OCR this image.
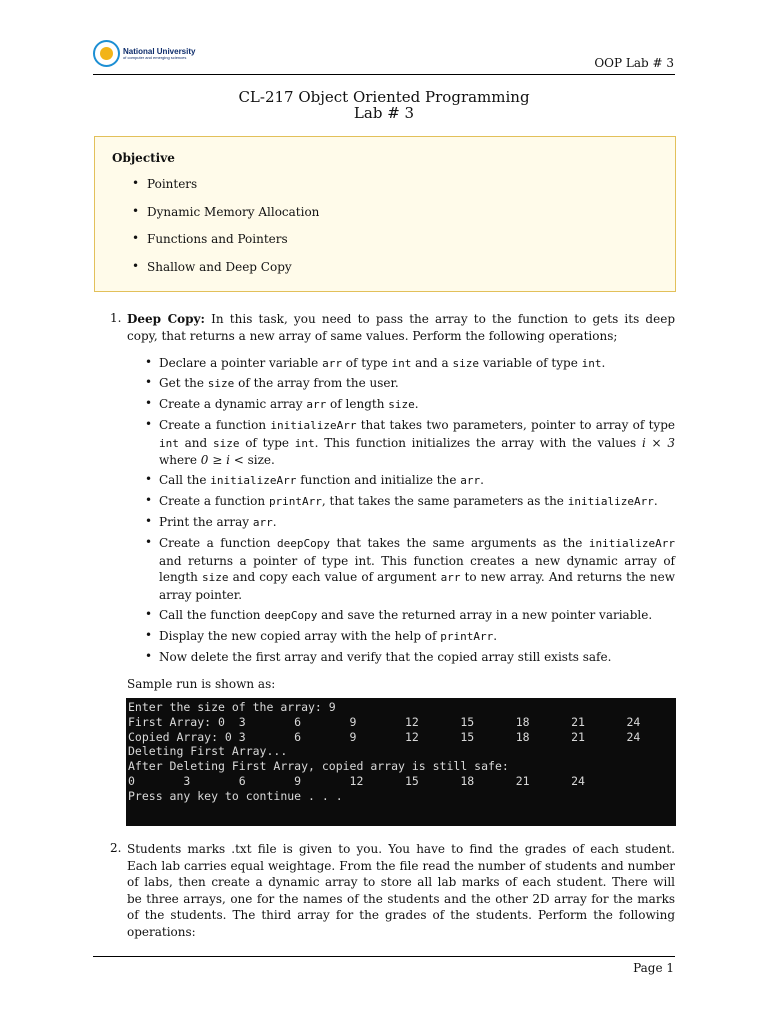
National University
of computer and emerging sciences	OOP Lab # 3
CL-217 Object Oriented Programming
Lab # 3
Objective
• Pointers
• Dynamic Memory Allocation
• Functions and Pointers
• Shallow and Deep Copy
1. Deep Copy: In this task, you need to pass the array to the function to gets its deep
copy, that returns a new array of same values. Perform the following operations;
• Declare a pointer variable arr of type int and a size variable of type int.
• Get the size of the array from the user.
• Create a dynamic array arr of length size.
• Create a function initializeArr that takes two parameters, pointer to array of type
int and size of type int. This function initializes the array with the values i × 3
where 0 ≥ i < size.
• Call the initializeArr function and initialize the arr.
• Create a function printArr, that takes the same parameters as the initializeArr.
• Print the array arr.
• Create a function deepCopy that takes the same arguments as the initializeArr
and returns a pointer of type int. This function creates a new dynamic array of
length size and copy each value of argument arr to new array. And returns the new
array pointer.
• Call the function deepCopy and save the returned array in a new pointer variable.
• Display the new copied array with the help of printArr.
• Now delete the first array and verify that the copied array still exists safe.
Sample run is shown as:
Enter the size of the array: 9
First Array: 0  3       6       9       12      15      18      21      24
Copied Array: 0 3       6       9       12      15      18      21      24
Deleting First Array...
After Deleting First Array, copied array is still safe:
0       3       6       9       12      15      18      21      24
Press any key to continue . . .
2. Students marks .txt file is given to you. You have to find the grades of each student.
Each lab carries equal weightage. From the file read the number of students and number
of labs, then create a dynamic array to store all lab marks of each student. There will
be three arrays, one for the names of the students and the other 2D array for the marks
of the students. The third array for the grades of the students. Perform the following
operations:
Page 1
